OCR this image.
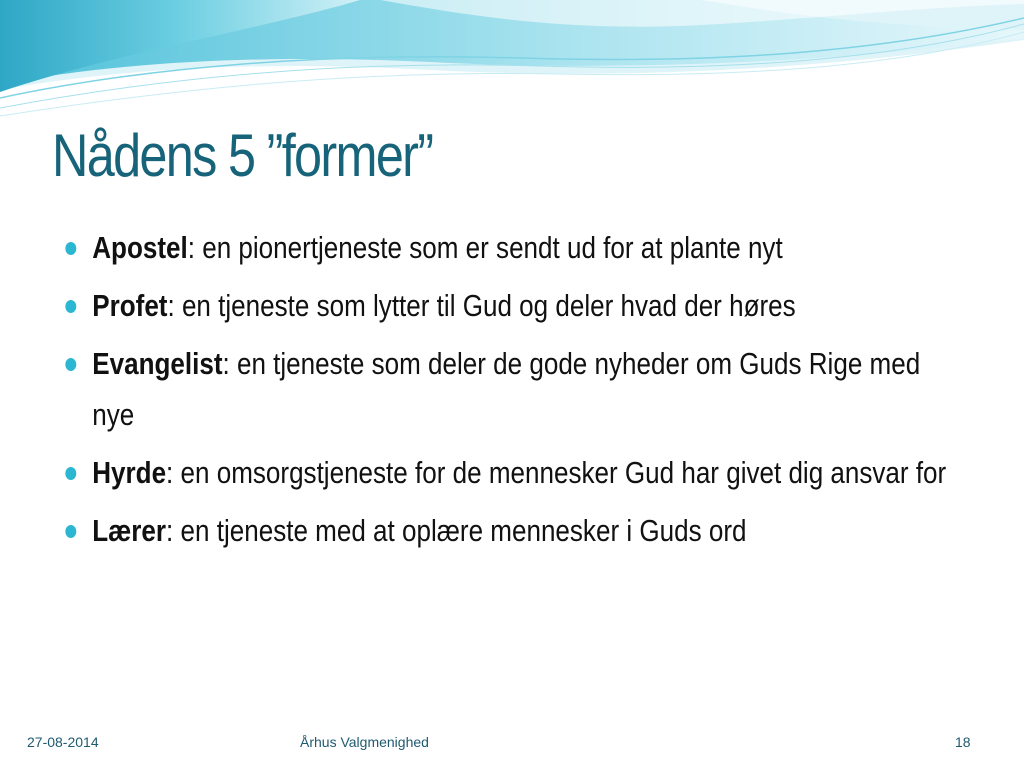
Nådens 5 ”former”
Apostel: en pionertjeneste som er sendt ud for at plante nyt
Profet: en tjeneste som lytter til Gud og deler hvad der høres
Evangelist: en tjeneste som deler de gode nyheder om Guds Rige med nye
Hyrde: en omsorgstjeneste for de mennesker Gud har givet dig ansvar for
Lærer: en tjeneste med at oplære mennesker i Guds ord
27-08-2014	Århus Valgmenighed	18
